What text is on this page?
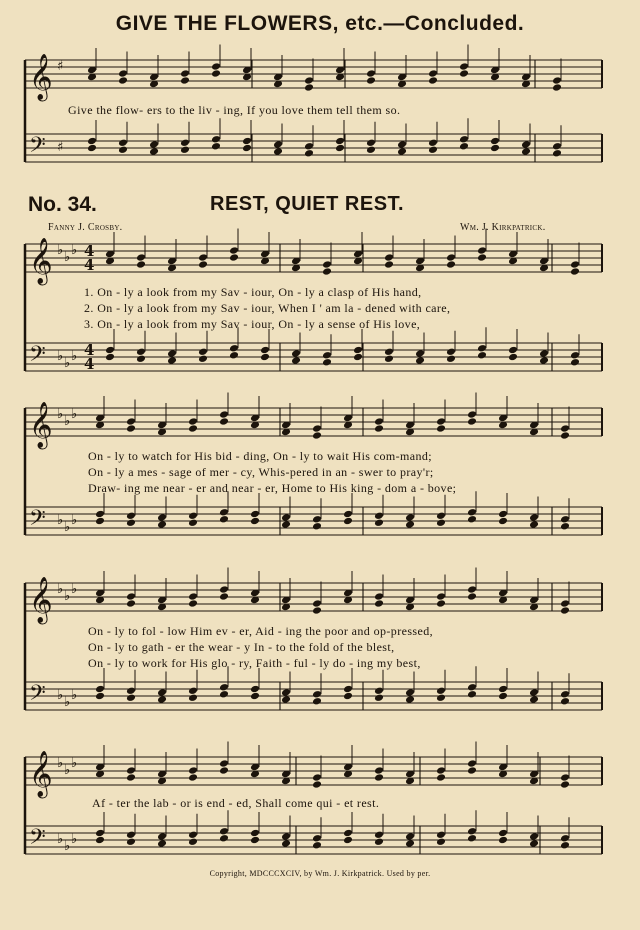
GIVE THE FLOWERS, etc.—Concluded.
Give the flow- ers to the liv - ing, If you love them tell them so.
No. 34.	REST, QUIET REST.
Fanny J. Crosby.	Wm. J. Kirkpatrick.
1. On - ly a look from my Sav - iour, On - ly a clasp of His hand,
2. On - ly a look from my Sav - iour, When I ' am la - dened with care,
3. On - ly a look from my Sav - iour, On - ly a sense of His love,
On - ly to watch for His bid - ding, On - ly to wait His com-mand;
On - ly a mes - sage of mer - cy, Whis-pered in an - swer to pray'r;
Draw- ing me near - er and near - er, Home to His king - dom a - bove;
On - ly to fol - low Him ev - er, Aid - ing the poor and op-pressed,
On - ly to gath - er the wear - y In - to the fold of the blest,
On - ly to work for His glo - ry, Faith - ful - ly do - ing my best,
Af - ter the lab - or is end - ed, Shall come qui - et rest.
Copyright, MDCCCXCIV, by Wm. J. Kirkpatrick. Used by per.
𝄞
𝄢
♯
♯
𝄞
𝄢
♭
♭
♭
♭
♭
♭
𝄞
𝄢
♭
♭
♭
♭
♭
♭
𝄞
𝄢
♭
♭
♭
♭
♭
♭
𝄞
𝄢
♭
♭
♭
♭
♭
♭
4
4
4
4
